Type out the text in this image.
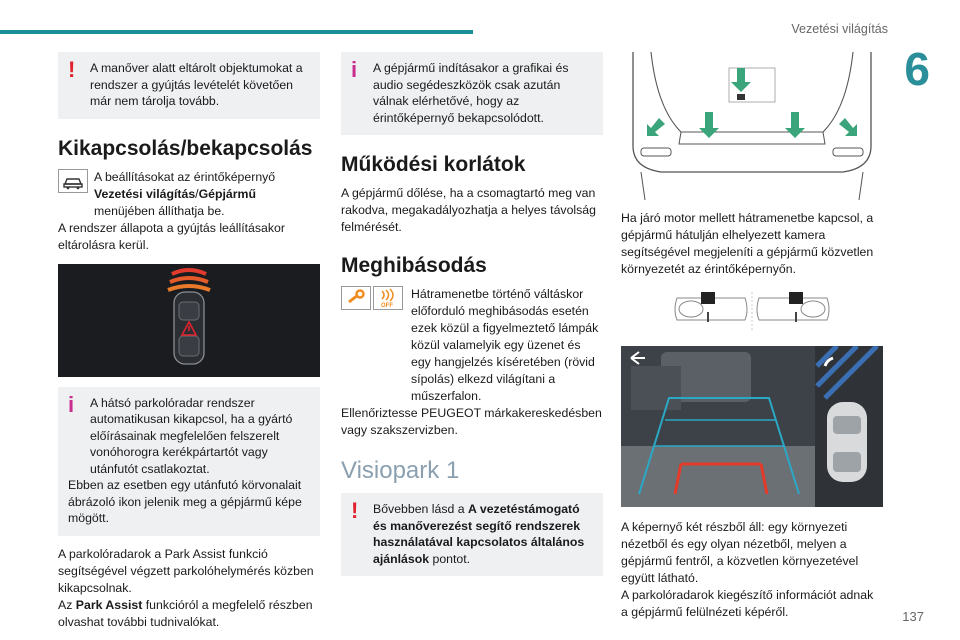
Vezetési világítás
6
137
!	A manőver alatt eltárolt objektumokat a rendszer a gyújtás levételét követően már nem tárolja tovább.
Kikapcsolás/bekapcsolás

A beállításokat az érintőképernyő
Vezetési világítás/Gépjármű menüjében állíthatja be.

A rendszer állapota a gyújtás leállításakor eltárolásra kerül.

i	A hátsó parkolóradar rendszer automatikusan kikapcsol, ha a gyártó előírásainak megfelelően felszerelt vonóhorogra kerékpártartót vagy utánfutót csatlakoztat.
Ebben az esetben egy utánfutó körvonalait ábrázoló ikon jelenik meg a gépjármű képe mögött.

A parkolóradarok a Park Assist funkció segítségével végzett parkolóhelymérés közben kikapcsolnak.

Az Park Assist funkcióról a megfelelő részben olvashat további tudnivalókat.

i	A gépjármű indításakor a grafikai és audio segédeszközök csak azután válnak elérhetővé, hogy az érintőképernyő bekapcsolódott.
Működési korlátok

A gépjármű dőlése, ha a csomagtartó meg van rakodva, megakadályozhatja a helyes távolság felmérését.

Meghibásodás
OFF

Hátramenetbe történő váltáskor előforduló meghibásodás esetén ezek közül a figyelmeztető lámpák közül valamelyik egy üzenet és egy hangjelzés kíséretében (rövid sípolás) elkezd világítani a műszerfalon.

Ellenőriztesse PEUGEOT márkakereskedésben vagy szakszervizben.

Visiopark 1
!	Bővebben lásd a A vezetéstámogató és manőverezést segítő rendszerek használatával kapcsolatos általános ajánlások pontot.

Ha járó motor mellett hátramenetbe kapcsol, a gépjármű hátulján elhelyezett kamera segítségével megjeleníti a gépjármű közvetlen környezetét az érintőképernyőn.

A képernyő két részből áll: egy környezeti nézetből és egy olyan nézetből, melyen a gépjármű fentről, a közvetlen környezetével együtt látható.

A parkolóradarok kiegészítő információt adnak a gépjármű felülnézeti képéről.
